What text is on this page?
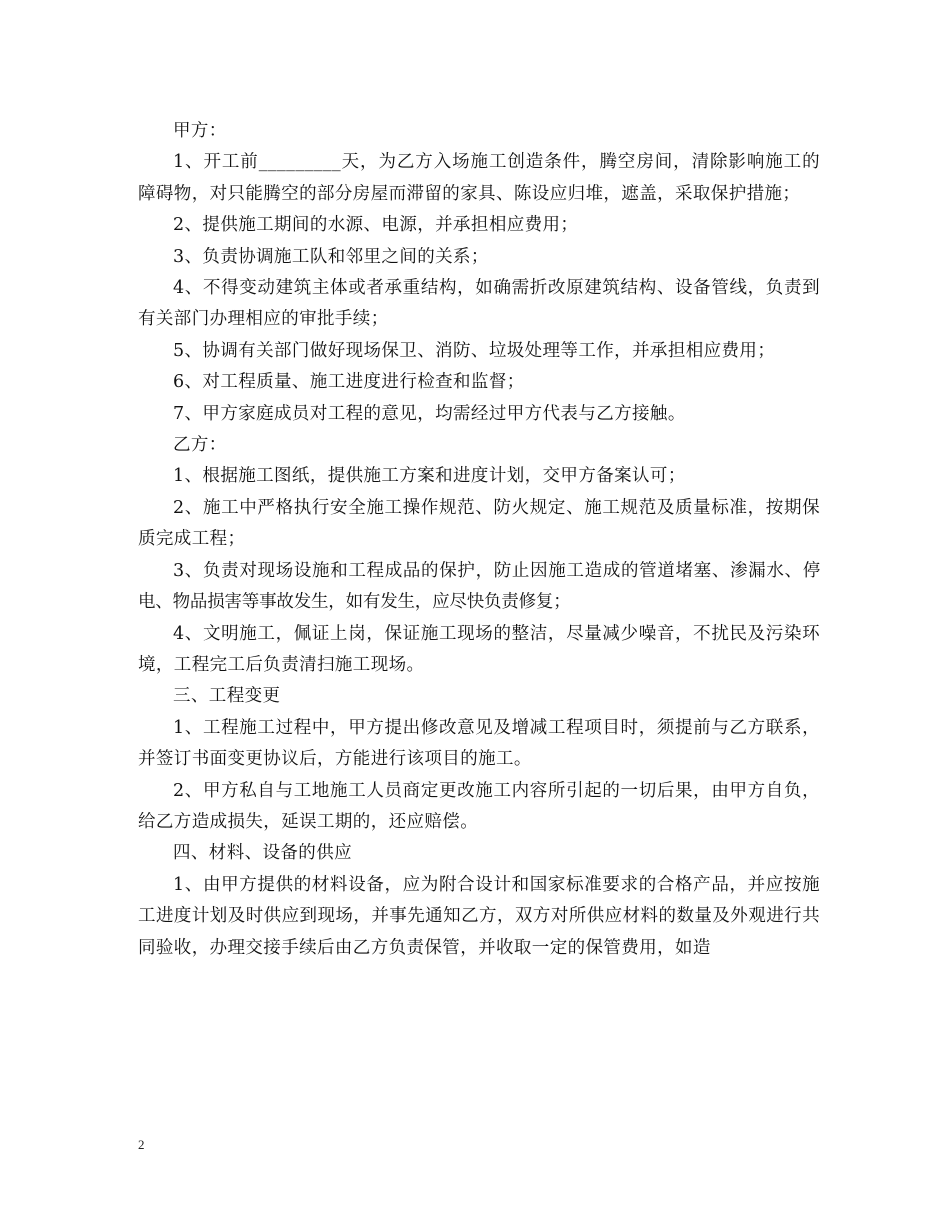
甲方：

1、开工前_________天，为乙方入场施工创造条件，腾空房间，清除影响施工的障碍物，对只能腾空的部分房屋而滞留的家具、陈设应归堆，遮盖，采取保护措施；

2、提供施工期间的水源、电源，并承担相应费用；

3、负责协调施工队和邻里之间的关系；

4、不得变动建筑主体或者承重结构，如确需折改原建筑结构、设备管线，负责到有关部门办理相应的审批手续；

5、协调有关部门做好现场保卫、消防、垃圾处理等工作，并承担相应费用；

6、对工程质量、施工进度进行检查和监督；

7、甲方家庭成员对工程的意见，均需经过甲方代表与乙方接触。

乙方：

1、根据施工图纸，提供施工方案和进度计划，交甲方备案认可；

2、施工中严格执行安全施工操作规范、防火规定、施工规范及质量标准，按期保质完成工程；

3、负责对现场设施和工程成品的保护，防止因施工造成的管道堵塞、渗漏水、停电、物品损害等事故发生，如有发生，应尽快负责修复；

4、文明施工，佩证上岗，保证施工现场的整洁，尽量减少噪音，不扰民及污染环境，工程完工后负责清扫施工现场。

三、工程变更

1、工程施工过程中，甲方提出修改意见及增减工程项目时，须提前与乙方联系，并签订书面变更协议后，方能进行该项目的施工。

2、甲方私自与工地施工人员商定更改施工内容所引起的一切后果，由甲方自负，给乙方造成损失，延误工期的，还应赔偿。

四、材料、设备的供应

1、由甲方提供的材料设备，应为附合设计和国家标准要求的合格产品，并应按施工进度计划及时供应到现场，并事先通知乙方，双方对所供应材料的数量及外观进行共同验收，办理交接手续后由乙方负责保管，并收取一定的保管费用，如造

2
